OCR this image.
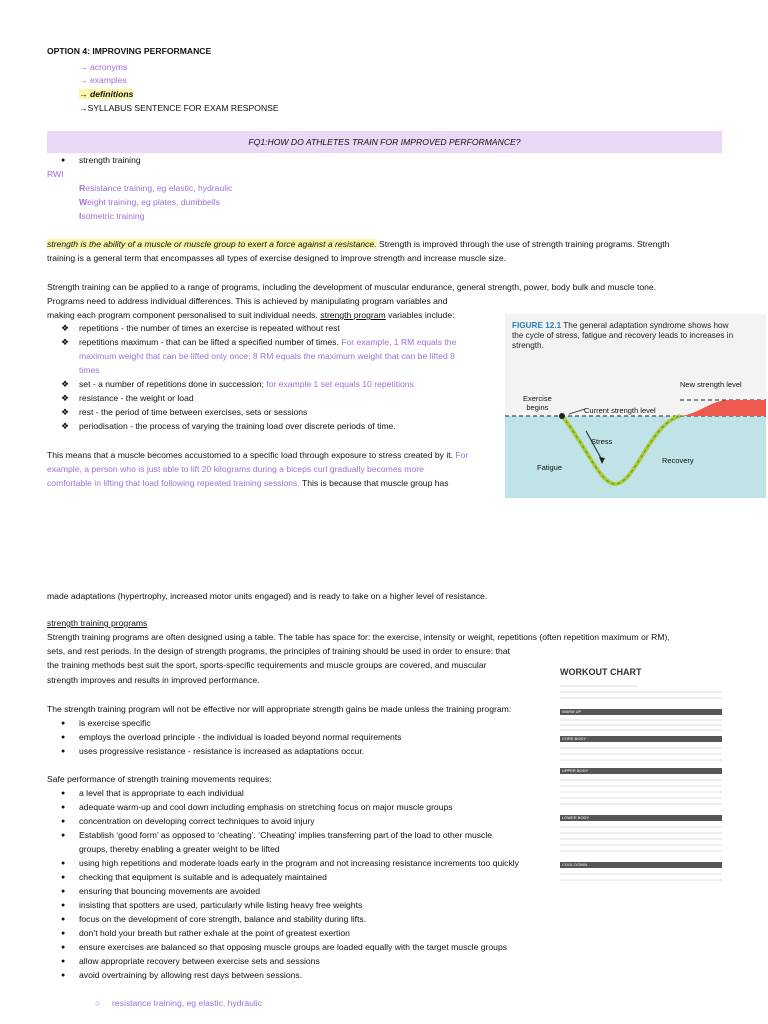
OPTION 4: IMPROVING PERFORMANCE
→ acronyms
→ examples
→ definitions
→SYLLABUS SENTENCE FOR EXAM RESPONSE
FQ1:HOW DO ATHLETES TRAIN FOR IMPROVED PERFORMANCE?
● strength training
RWI
Resistance training, eg elastic, hydraulic
Weight training, eg plates, dumbbells
Isometric training
strength is the ability of a muscle or muscle group to exert a force against a resistance. Strength is improved through the use of strength training programs. Strength
training is a general term that encompasses all types of exercise designed to improve strength and increase muscle size.
Strength training can be applied to a range of programs, including the development of muscular endurance, general strength, power, body bulk and muscle tone.
Programs need to address individual differences. This is achieved by manipulating program variables and
making each program component personalised to suit individual needs. strength program variables include:
❖ repetitions - the number of times an exercise is repeated without rest
❖ repetitions maximum - that can be lifted a specified number of times. For example, 1 RM equals the
maximum weight that can be lifted only once; 8 RM equals the maximum weight that can be lifted 8
times
❖ set - a number of repetitions done in succession; for example 1 set equals 10 repetitions
❖ resistance - the weight or load
❖ rest - the period of time between exercises, sets or sessions
❖ periodisation - the process of varying the training load over discrete periods of time.
This means that a muscle becomes accustomed to a specific load through exposure to stress created by it. For
example, a person who is just able to lift 20 kilograms during a biceps curl gradually becomes more
comfortable in lifting that load following repeated training sessions. This is because that muscle group has
made adaptations (hypertrophy, increased motor units engaged) and is ready to take on a higher level of resistance.
FIGURE 12.1 The general adaptation syndrome shows how
the cycle of stress, fatigue and recovery leads to increases in
strength.
New strength level
Exercise
begins	Current strength level
Stress
Recovery
Fatigue
strength training programs
Strength training programs are often designed using a table. The table has space for: the exercise, intensity or weight, repetitions (often repetition maximum or RM),
sets, and rest periods. In the design of strength programs, the principles of training should be used in order to ensure: that
the training methods best suit the sport, sports-specific requirements and muscle groups are covered, and muscular
strength improves and results in improved performance.
The strength training program will not be effective nor will appropriate strength gains be made unless the training program:
● is exercise specific
● employs the overload principle - the individual is loaded beyond normal requirements
● uses progressive resistance - resistance is increased as adaptations occur.
Safe performance of strength training movements requires:
● a level that is appropriate to each individual
● adequate warm-up and cool down including emphasis on stretching focus on major muscle groups
● concentration on developing correct techniques to avoid injury
● Establish ‘good form’ as opposed to ‘cheating’. ‘Cheating’ implies transferring part of the load to other muscle
groups, thereby enabling a greater weight to be lifted
● using high repetitions and moderate loads early in the program and not increasing resistance increments too quickly
● checking that equipment is suitable and is adequately maintained
● ensuring that bouncing movements are avoided
● insisting that spotters are used, particularly while listing heavy free weights
● focus on the development of core strength, balance and stability during lifts.
● don’t hold your breath but rather exhale at the point of greatest exertion
● ensure exercises are balanced so that opposing muscle groups are loaded equally with the target muscle groups
● allow appropriate recovery between exercise sets and sessions
● avoid overtraining by allowing rest days between sessions.
○ resistance training, eg elastic, hydraulic
WORKOUT CHART
WARM UP
CORE BODY
UPPER BODY
LOWER BODY
COOL DOWN
